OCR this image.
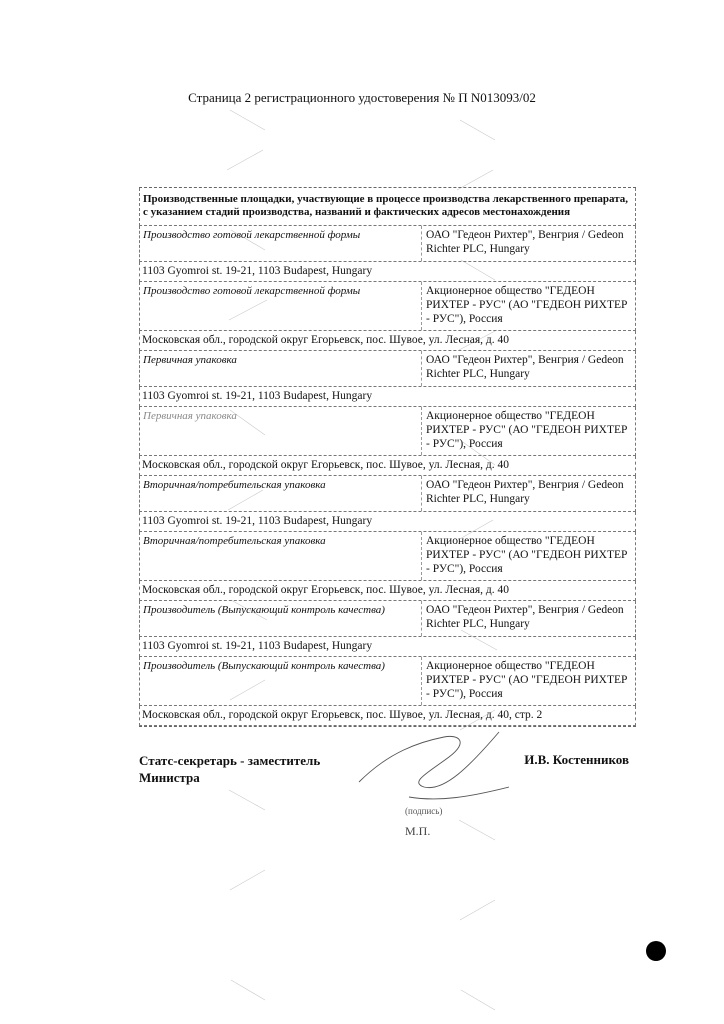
Страница 2 регистрационного удостоверения № П N013093/02
Производственные площадки, участвующие в процессе производства лекарственного препарата, с указанием стадий производства, названий и фактических адресов местонахождения
Производство готовой лекарственной формы	ОАО "Гедеон Рихтер", Венгрия / Gedeon Richter PLC, Hungary
1103 Gyomroi st. 19-21, 1103 Budapest, Hungary
Производство готовой лекарственной формы	Акционерное общество "ГЕДЕОН РИХТЕР - РУС" (АО "ГЕДЕОН РИХТЕР - РУС"), Россия
Московская обл., городской округ Егорьевск, пос. Шувое, ул. Лесная, д. 40
Первичная упаковка	ОАО "Гедеон Рихтер", Венгрия / Gedeon Richter PLC, Hungary
1103 Gyomroi st. 19-21, 1103 Budapest, Hungary
Первичная упаковка	Акционерное общество "ГЕДЕОН РИХТЕР - РУС" (АО "ГЕДЕОН РИХТЕР - РУС"), Россия
Московская обл., городской округ Егорьевск, пос. Шувое, ул. Лесная, д. 40
Вторичная/потребительская упаковка	ОАО "Гедеон Рихтер", Венгрия / Gedeon Richter PLC, Hungary
1103 Gyomroi st. 19-21, 1103 Budapest, Hungary
Вторичная/потребительская упаковка	Акционерное общество "ГЕДЕОН РИХТЕР - РУС" (АО "ГЕДЕОН РИХТЕР - РУС"), Россия
Московская обл., городской округ Егорьевск, пос. Шувое, ул. Лесная, д. 40
Производитель (Выпускающий контроль качества)	ОАО "Гедеон Рихтер", Венгрия / Gedeon Richter PLC, Hungary
1103 Gyomroi st. 19-21, 1103 Budapest, Hungary
Производитель (Выпускающий контроль качества)	Акционерное общество "ГЕДЕОН РИХТЕР - РУС" (АО "ГЕДЕОН РИХТЕР - РУС"), Россия
Московская обл., городской округ Егорьевск, пос. Шувое, ул. Лесная, д. 40, стр. 2
Статс-секретарь - заместитель Министра
И.В. Костенников
(подпись)
М.П.
